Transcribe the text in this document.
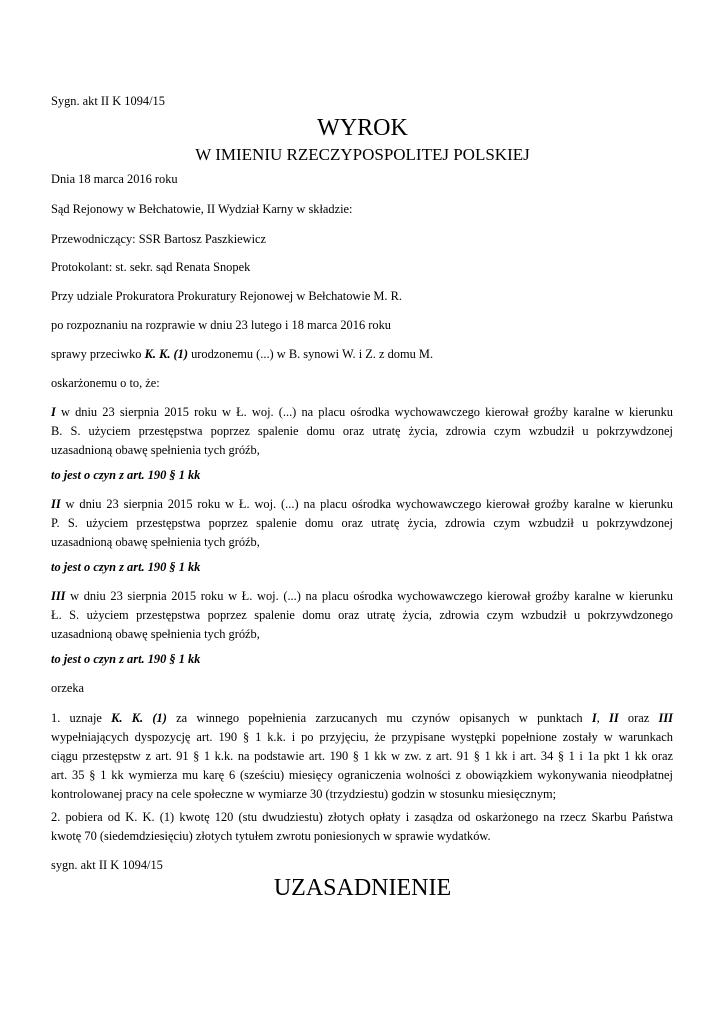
Sygn. akt II K 1094/15

WYROK
W IMIENIU RZECZYPOSPOLITEJ POLSKIEJ

Dnia 18 marca 2016 roku

Sąd Rejonowy w Bełchatowie, II Wydział Karny w składzie:

Przewodniczący: SSR Bartosz Paszkiewicz

Protokolant: st. sekr. sąd Renata Snopek

Przy udziale Prokuratora Prokuratury Rejonowej w Bełchatowie M. R.

po rozpoznaniu na rozprawie w dniu 23 lutego i 18 marca 2016 roku

sprawy przeciwko K. K. (1) urodzonemu (...) w B. synowi W. i Z. z domu M.

oskarżonemu o to, że:

I w dniu 23 sierpnia 2015 roku w Ł. woj. (...) na placu ośrodka wychowawczego kierował groźby karalne w kierunku
B. S. użyciem przestępstwa poprzez spalenie domu oraz utratę życia, zdrowia czym wzbudził u pokrzywdzonej
uzasadnioną obawę spełnienia tych gróźb,

to jest o czyn z art. 190 § 1 kk

II w dniu 23 sierpnia 2015 roku w Ł. woj. (...) na placu ośrodka wychowawczego kierował groźby karalne w kierunku
P. S. użyciem przestępstwa poprzez spalenie domu oraz utratę życia, zdrowia czym wzbudził u pokrzywdzonej
uzasadnioną obawę spełnienia tych gróźb,

to jest o czyn z art. 190 § 1 kk

III w dniu 23 sierpnia 2015 roku w Ł. woj. (...) na placu ośrodka wychowawczego kierował groźby karalne w kierunku
Ł. S. użyciem przestępstwa poprzez spalenie domu oraz utratę życia, zdrowia czym wzbudził u pokrzywdzonego
uzasadnioną obawę spełnienia tych gróźb,

to jest o czyn z art. 190 § 1 kk

orzeka

1. uznaje K. K. (1) za winnego popełnienia zarzucanych mu czynów opisanych w punktach I, II oraz III
wypełniających dyspozycję art. 190 § 1 k.k. i po przyjęciu, że przypisane występki popełnione zostały w warunkach
ciągu przestępstw z art. 91 § 1 k.k. na podstawie art. 190 § 1 kk w zw. z art. 91 § 1 kk i art. 34 § 1 i 1a pkt 1 kk oraz
art. 35 § 1 kk wymierza mu karę 6 (sześciu) miesięcy ograniczenia wolności z obowiązkiem wykonywania nieodpłatnej
kontrolowanej pracy na cele społeczne w wymiarze 30 (trzydziestu) godzin w stosunku miesięcznym;
2. pobiera od K. K. (1) kwotę 120 (stu dwudziestu) złotych opłaty i zasądza od oskarżonego na rzecz Skarbu Państwa
kwotę 70 (siedemdziesięciu) złotych tytułem zwrotu poniesionych w sprawie wydatków.

sygn. akt II K 1094/15

UZASADNIENIE
